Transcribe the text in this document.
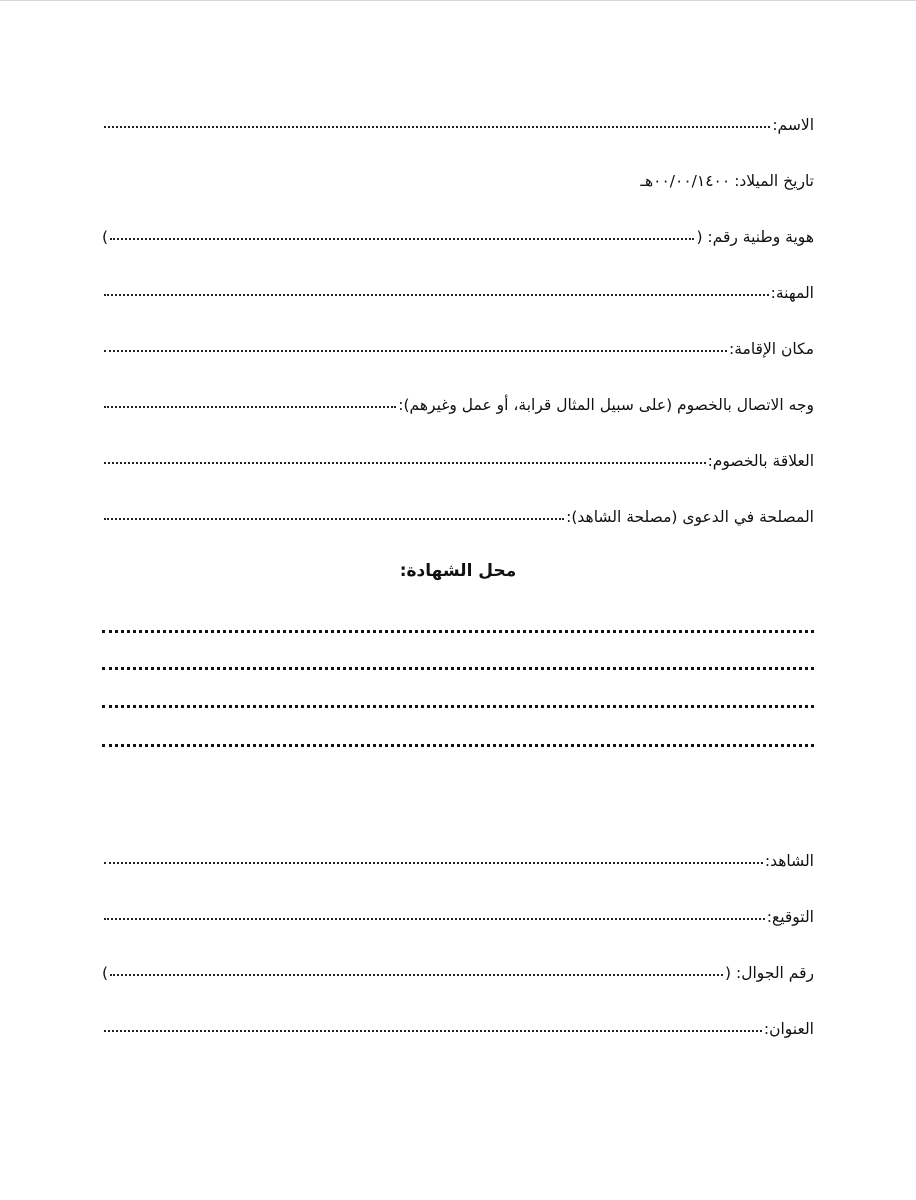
الاسم:
تاريخ الميلاد:
٠٠/٠٠/١٤٠٠هـ
هوية وطنية رقم: (
)
المهنة:
مكان الإقامة:
وجه الاتصال بالخصوم (على سبيل المثال قرابة، أو عمل وغيرهم):
العلاقة بالخصوم:
المصلحة في الدعوى (مصلحة الشاهد):
محل الشهادة:
الشاهد:
التوقيع:
رقم الجوال: (
)
العنوان:
